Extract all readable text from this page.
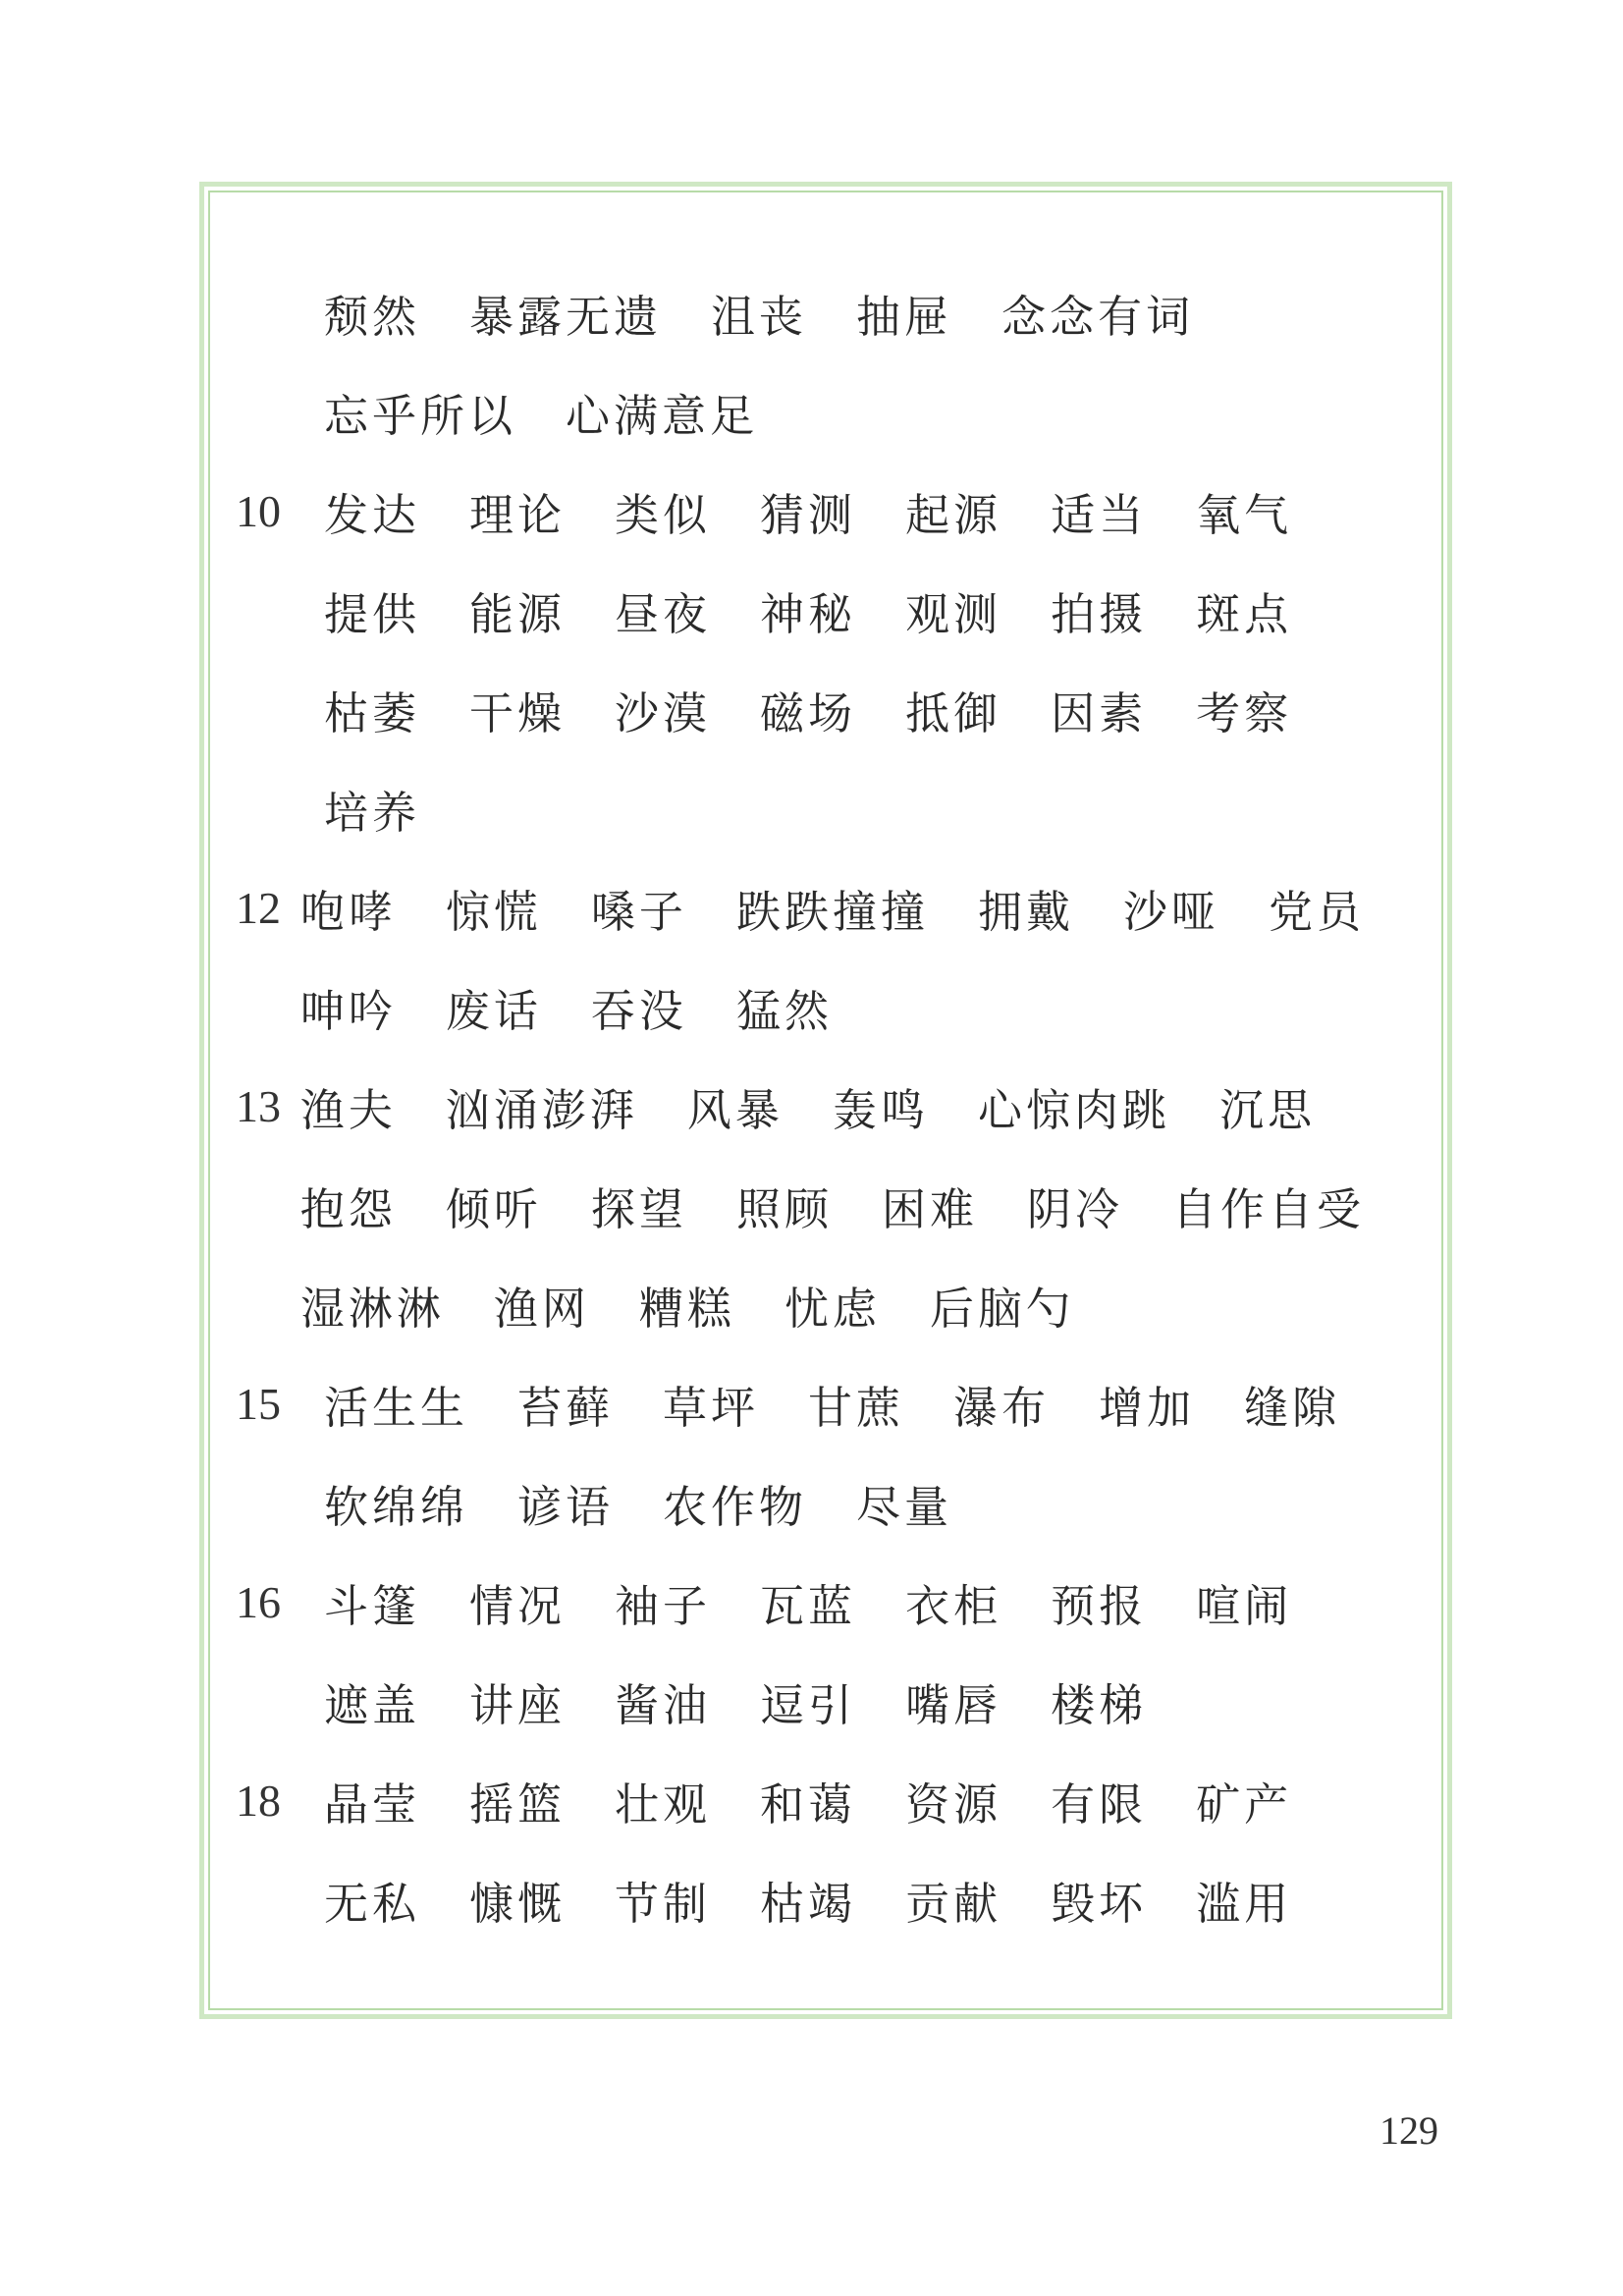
颓然 暴露无遗 沮丧 抽屉 念念有词
忘乎所以 心满意足
10 发达 理论 类似 猜测 起源 适当 氧气
提供 能源 昼夜 神秘 观测 拍摄 斑点
枯萎 干燥 沙漠 磁场 抵御 因素 考察
培养
12 咆哮 惊慌 嗓子 跌跌撞撞 拥戴 沙哑 党员
呻吟 废话 吞没 猛然
13 渔夫 汹涌澎湃 风暴 轰鸣 心惊肉跳 沉思
抱怨 倾听 探望 照顾 困难 阴冷 自作自受
湿淋淋 渔网 糟糕 忧虑 后脑勺
15 活生生 苔藓 草坪 甘蔗 瀑布 增加 缝隙
软绵绵 谚语 农作物 尽量
16 斗篷 情况 袖子 瓦蓝 衣柜 预报 喧闹
遮盖 讲座 酱油 逗引 嘴唇 楼梯
18 晶莹 摇篮 壮观 和蔼 资源 有限 矿产
无私 慷慨 节制 枯竭 贡献 毁坏 滥用
129
